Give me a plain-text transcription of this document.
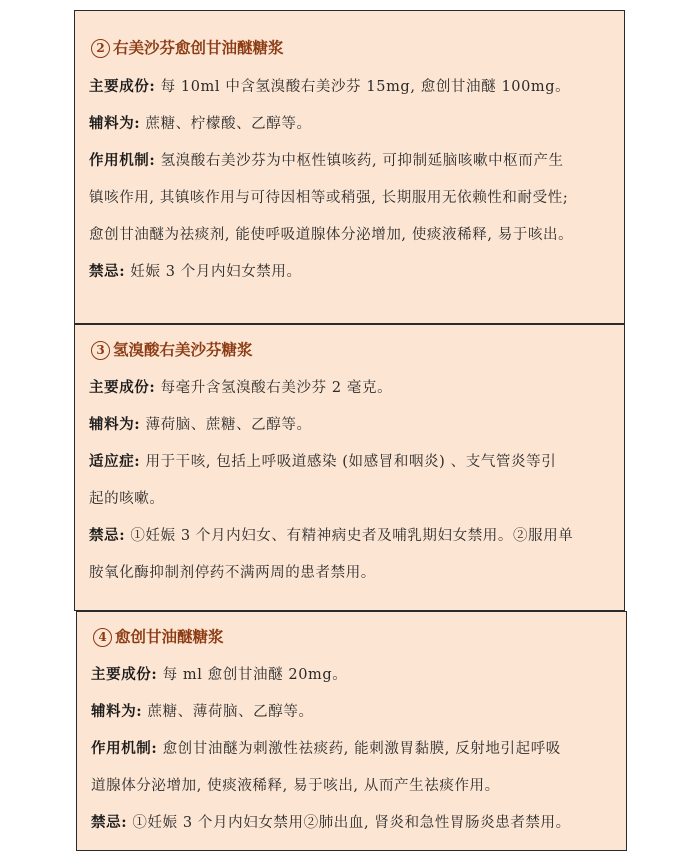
2 右美沙芬愈创甘油醚糖浆
主要成份: 每 10ml 中含氢溴酸右美沙芬 15mg, 愈创甘油醚 100mg。
辅料为: 蔗糖、柠檬酸、乙醇等。
作用机制: 氢溴酸右美沙芬为中枢性镇咳药, 可抑制延脑咳嗽中枢而产生
镇咳作用, 其镇咳作用与可待因相等或稍强, 长期服用无依赖性和耐受性;
愈创甘油醚为祛痰剂, 能使呼吸道腺体分泌增加, 使痰液稀释, 易于咳出。
禁忌: 妊娠 3 个月内妇女禁用。
3 氢溴酸右美沙芬糖浆
主要成份: 每毫升含氢溴酸右美沙芬 2 毫克。
辅料为: 薄荷脑、蔗糖、乙醇等。
适应症: 用于干咳, 包括上呼吸道感染 (如感冒和咽炎) 、支气管炎等引
起的咳嗽。
禁忌: ①妊娠 3 个月内妇女、有精神病史者及哺乳期妇女禁用。②服用单
胺氧化酶抑制剂停药不满两周的患者禁用。
4 愈创甘油醚糖浆
主要成份: 每 ml 愈创甘油醚 20mg。
辅料为: 蔗糖、薄荷脑、乙醇等。
作用机制: 愈创甘油醚为刺激性祛痰药, 能刺激胃黏膜, 反射地引起呼吸
道腺体分泌增加, 使痰液稀释, 易于咳出, 从而产生祛痰作用。
禁忌: ①妊娠 3 个月内妇女禁用②肺出血, 肾炎和急性胃肠炎患者禁用。
